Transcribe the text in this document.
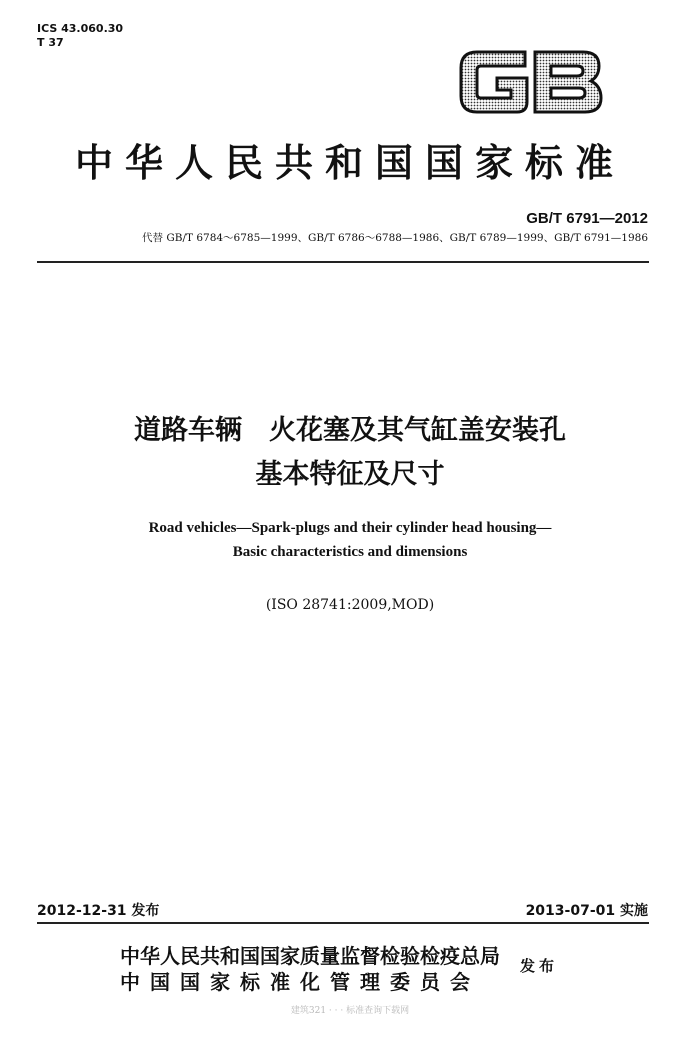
ICS 43.060.30
T 37
中华人民共和国国家标准
GB/T 6791—2012
代替 GB/T 6784～6785—1999、GB/T 6786～6788—1986、GB/T 6789—1999、GB/T 6791—1986
道路车辆　火花塞及其气缸盖安装孔
基本特征及尺寸
Road vehicles—Spark-plugs and their cylinder head housing—
Basic characteristics and dimensions
(ISO 28741:2009,MOD)
2012-12-31 发布	2013-07-01 实施
中华人民共和国国家质量监督检验检疫总局
中国国家标准化管理委员会
发布
建筑321 · · · 标准查询下载网
